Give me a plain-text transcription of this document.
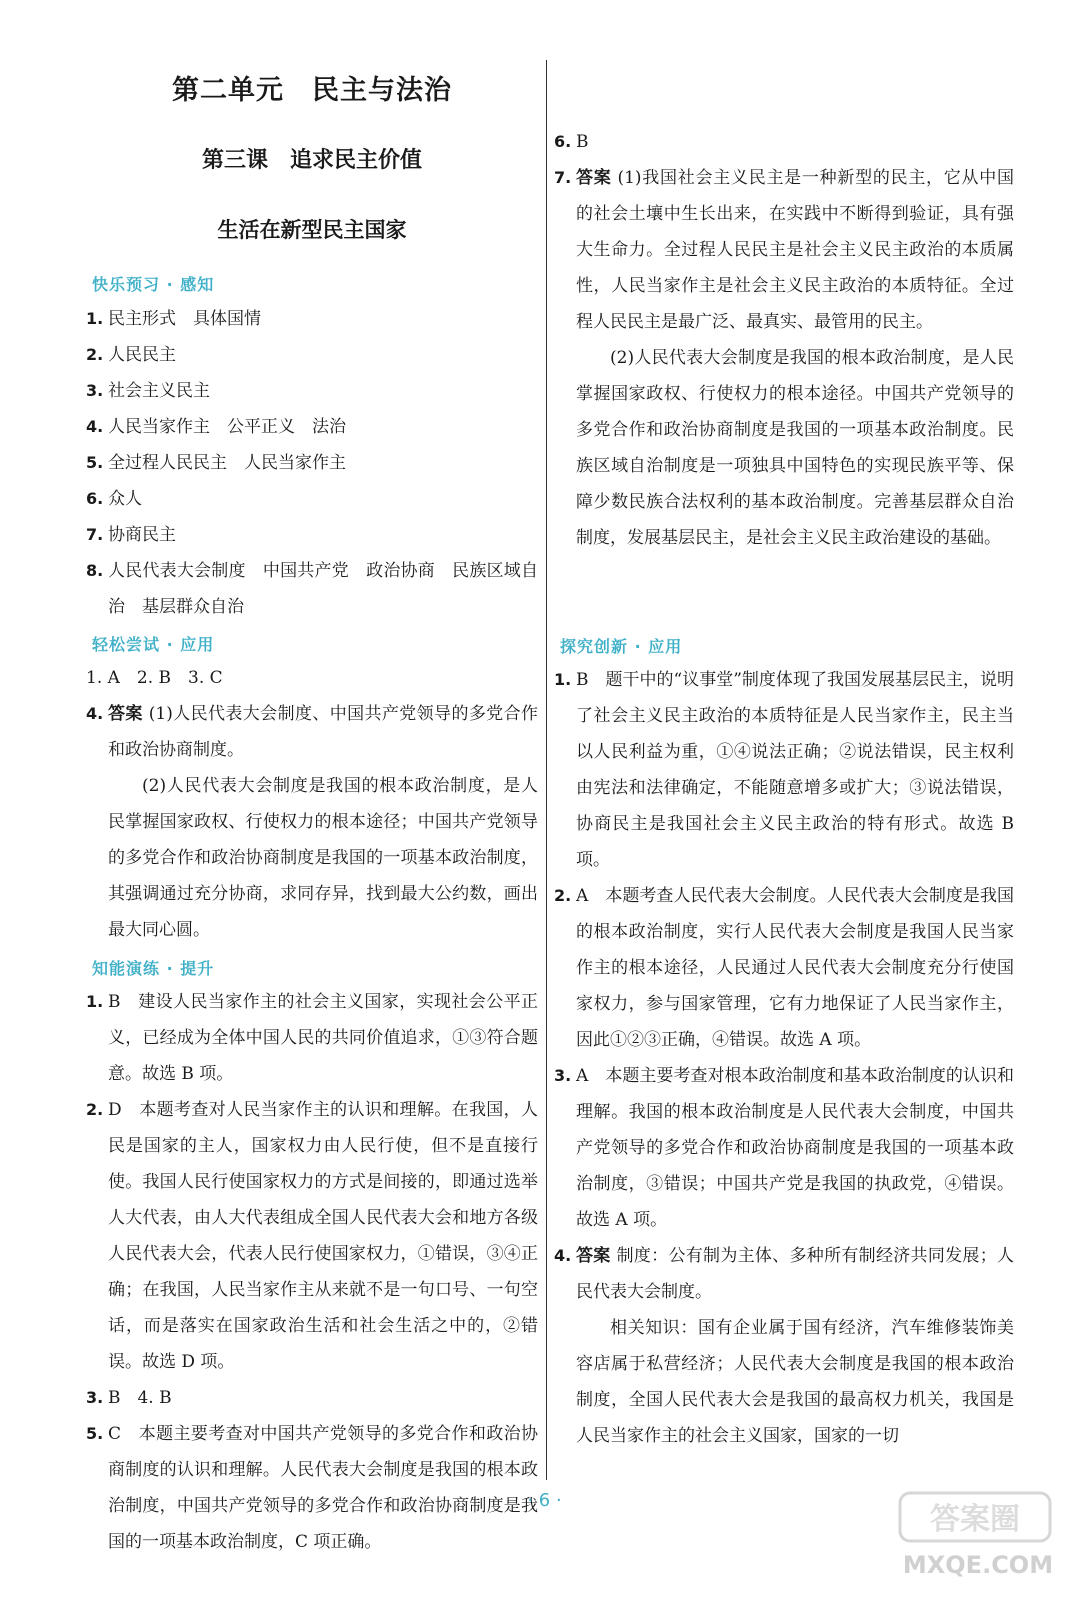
第二单元　民主与法治
第三课　追求民主价值
生活在新型民主国家
快乐预习 · 感知
1. 民主形式　具体国情
2. 人民民主
3. 社会主义民主
4. 人民当家作主　公平正义　法治
5. 全过程人民民主　人民当家作主
6. 众人
7. 协商民主
8. 人民代表大会制度　中国共产党　政治协商　民族区域自治　基层群众自治
轻松尝试 · 应用
1. A　2. B　3. C
4. 答案 (1)人民代表大会制度、中国共产党领导的多党合作和政治协商制度。
(2)人民代表大会制度是我国的根本政治制度，是人民掌握国家政权、行使权力的根本途径；中国共产党领导的多党合作和政治协商制度是我国的一项基本政治制度，其强调通过充分协商，求同存异，找到最大公约数，画出最大同心圆。
知能演练 · 提升
1. B　建设人民当家作主的社会主义国家，实现社会公平正义，已经成为全体中国人民的共同价值追求，①③符合题意。故选 B 项。
2. D　本题考查对人民当家作主的认识和理解。在我国，人民是国家的主人，国家权力由人民行使，但不是直接行使。我国人民行使国家权力的方式是间接的，即通过选举人大代表，由人大代表组成全国人民代表大会和地方各级人民代表大会，代表人民行使国家权力，①错误，③④正确；在我国，人民当家作主从来就不是一句口号、一句空话，而是落实在国家政治生活和社会生活之中的，②错误。故选 D 项。
3. B　4. B
5. C　本题主要考查对中国共产党领导的多党合作和政治协商制度的认识和理解。人民代表大会制度是我国的根本政治制度，中国共产党领导的多党合作和政治协商制度是我国的一项基本政治制度，C 项正确。
6. B
7. 答案 (1)我国社会主义民主是一种新型的民主，它从中国的社会土壤中生长出来，在实践中不断得到验证，具有强大生命力。全过程人民民主是社会主义民主政治的本质属性，人民当家作主是社会主义民主政治的本质特征。全过程人民民主是最广泛、最真实、最管用的民主。
(2)人民代表大会制度是我国的根本政治制度，是人民掌握国家政权、行使权力的根本途径。中国共产党领导的多党合作和政治协商制度是我国的一项基本政治制度。民族区域自治制度是一项独具中国特色的实现民族平等、保障少数民族合法权利的基本政治制度。完善基层群众自治制度，发展基层民主，是社会主义民主政治建设的基础。
探究创新 · 应用
1. B　题干中的“议事堂”制度体现了我国发展基层民主，说明了社会主义民主政治的本质特征是人民当家作主，民主当以人民利益为重，①④说法正确；②说法错误，民主权利由宪法和法律确定，不能随意增多或扩大；③说法错误，协商民主是我国社会主义民主政治的特有形式。故选 B 项。
2. A　本题考查人民代表大会制度。人民代表大会制度是我国的根本政治制度，实行人民代表大会制度是我国人民当家作主的根本途径，人民通过人民代表大会制度充分行使国家权力，参与国家管理，它有力地保证了人民当家作主，因此①②③正确，④错误。故选 A 项。
3. A　本题主要考查对根本政治制度和基本政治制度的认识和理解。我国的根本政治制度是人民代表大会制度，中国共产党领导的多党合作和政治协商制度是我国的一项基本政治制度，③错误；中国共产党是我国的执政党，④错误。故选 A 项。
4. 答案 制度：公有制为主体、多种所有制经济共同发展；人民代表大会制度。
相关知识：国有企业属于国有经济，汽车维修装饰美容店属于私营经济；人民代表大会制度是我国的根本政治制度，全国人民代表大会是我国的最高权力机关，我国是人民当家作主的社会主义国家，国家的一切
· 6 ·
答案圈
MXQE.COM
